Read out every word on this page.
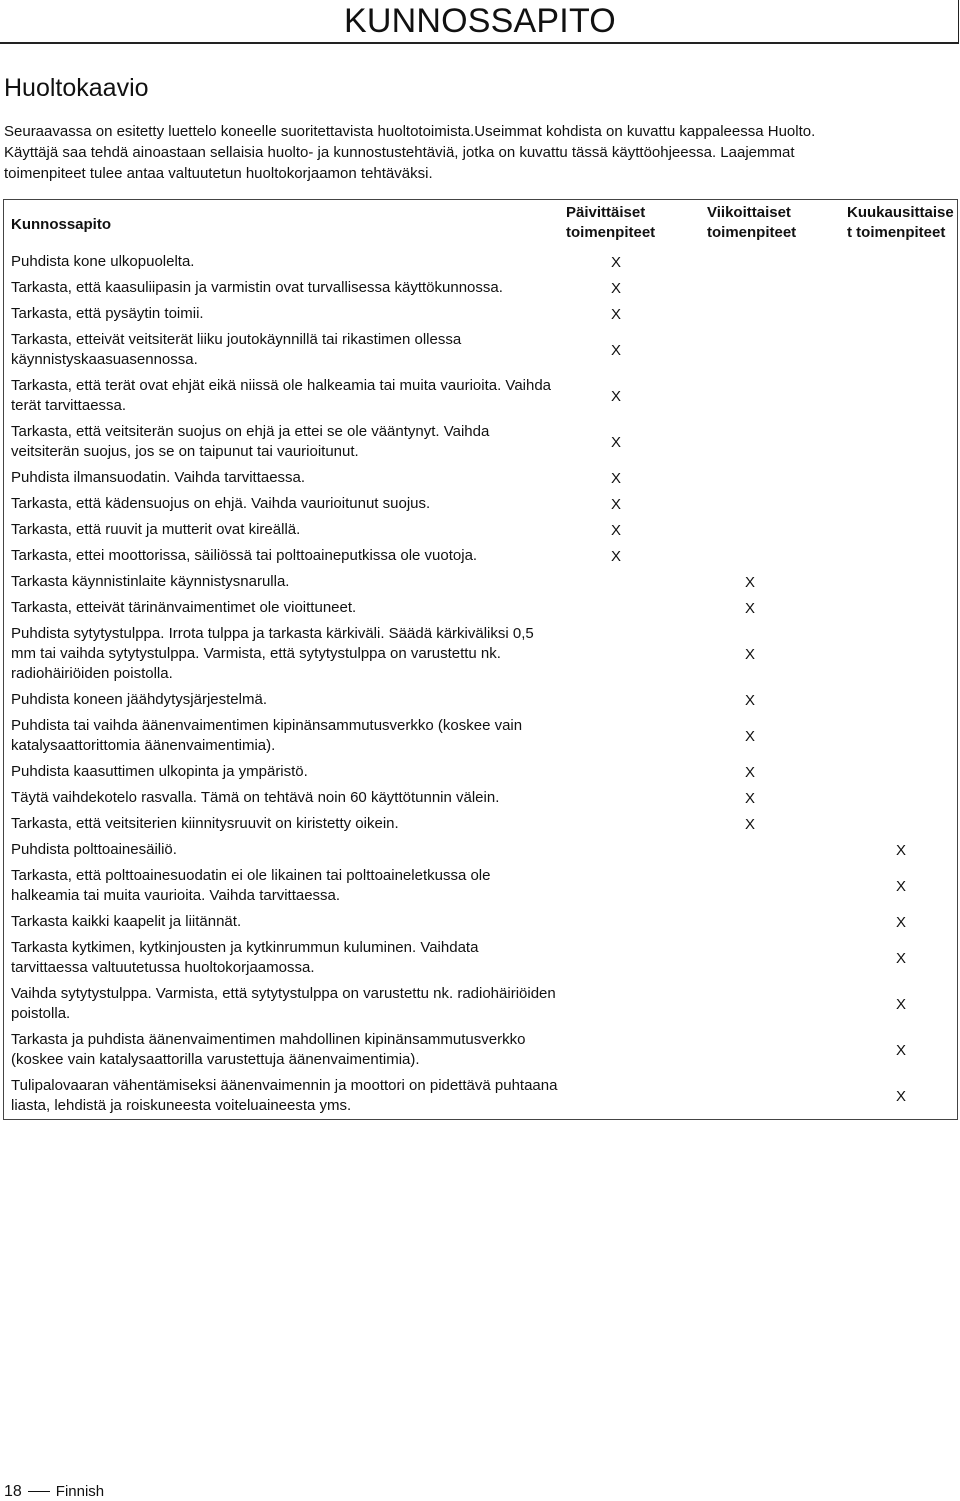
KUNNOSSAPITO
Huoltokaavio
Seuraavassa on esitetty luettelo koneelle suoritettavista huoltotoimista.Useimmat kohdista on kuvattu kappaleessa Huolto.
Käyttäjä saa tehdä ainoastaan sellaisia huolto- ja kunnostustehtäviä, jotka on kuvattu tässä käyttöohjeessa. Laajemmat
toimenpiteet tulee antaa valtuutetun huoltokorjaamon tehtäväksi.
Kunnossapito	Päivittäiset toimenpiteet	Viikoittaiset toimenpiteet	Kuukausittaise t toimenpiteet
Puhdista kone ulkopuolelta.	X		
Tarkasta, että kaasuliipasin ja varmistin ovat turvallisessa käyttökunnossa.	X		
Tarkasta, että pysäytin toimii.	X		
Tarkasta, etteivät veitsiterät liiku joutokäynnillä tai rikastimen ollessa käynnistyskaasuasennossa.	X		
Tarkasta, että terät ovat ehjät eikä niissä ole halkeamia tai muita vaurioita. Vaihda terät tarvittaessa.	X		
Tarkasta, että veitsiterän suojus on ehjä ja ettei se ole vääntynyt. Vaihda veitsiterän suojus, jos se on taipunut tai vaurioitunut.	X		
Puhdista ilmansuodatin. Vaihda tarvittaessa.	X		
Tarkasta, että kädensuojus on ehjä. Vaihda vaurioitunut suojus.	X		
Tarkasta, että ruuvit ja mutterit ovat kireällä.	X		
Tarkasta, ettei moottorissa, säiliössä tai polttoaineputkissa ole vuotoja.	X		
Tarkasta käynnistinlaite käynnistysnarulla.		X	
Tarkasta, etteivät tärinänvaimentimet ole vioittuneet.		X	
Puhdista sytytystulppa. Irrota tulppa ja tarkasta kärkiväli. Säädä kärkiväliksi 0,5 mm tai vaihda sytytystulppa. Varmista, että sytytystulppa on varustettu nk. radiohäiriöiden poistolla.		X	
Puhdista koneen jäähdytysjärjestelmä.		X	
Puhdista tai vaihda äänenvaimentimen kipinänsammutusverkko (koskee vain katalysaattorittomia äänenvaimentimia).		X	
Puhdista kaasuttimen ulkopinta ja ympäristö.		X	
Täytä vaihdekotelo rasvalla. Tämä on tehtävä noin 60 käyttötunnin välein.		X	
Tarkasta, että veitsiterien kiinnitysruuvit on kiristetty oikein.		X	
Puhdista polttoainesäiliö.			X
Tarkasta, että polttoainesuodatin ei ole likainen tai polttoaineletkussa ole halkeamia tai muita vaurioita. Vaihda tarvittaessa.			X
Tarkasta kaikki kaapelit ja liitännät.			X
Tarkasta kytkimen, kytkinjousten ja kytkinrummun kuluminen. Vaihdata tarvittaessa valtuutetussa huoltokorjaamossa.			X
Vaihda sytytystulppa. Varmista, että sytytystulppa on varustettu nk. radiohäiriöiden poistolla.			X
Tarkasta ja puhdista äänenvaimentimen mahdollinen kipinänsammutusverkko (koskee vain katalysaattorilla varustettuja äänenvaimentimia).			X
Tulipalovaaran vähentämiseksi äänenvaimennin ja moottori on pidettävä puhtaana liasta, lehdistä ja roiskuneesta voiteluaineesta yms.			X
18 Finnish
